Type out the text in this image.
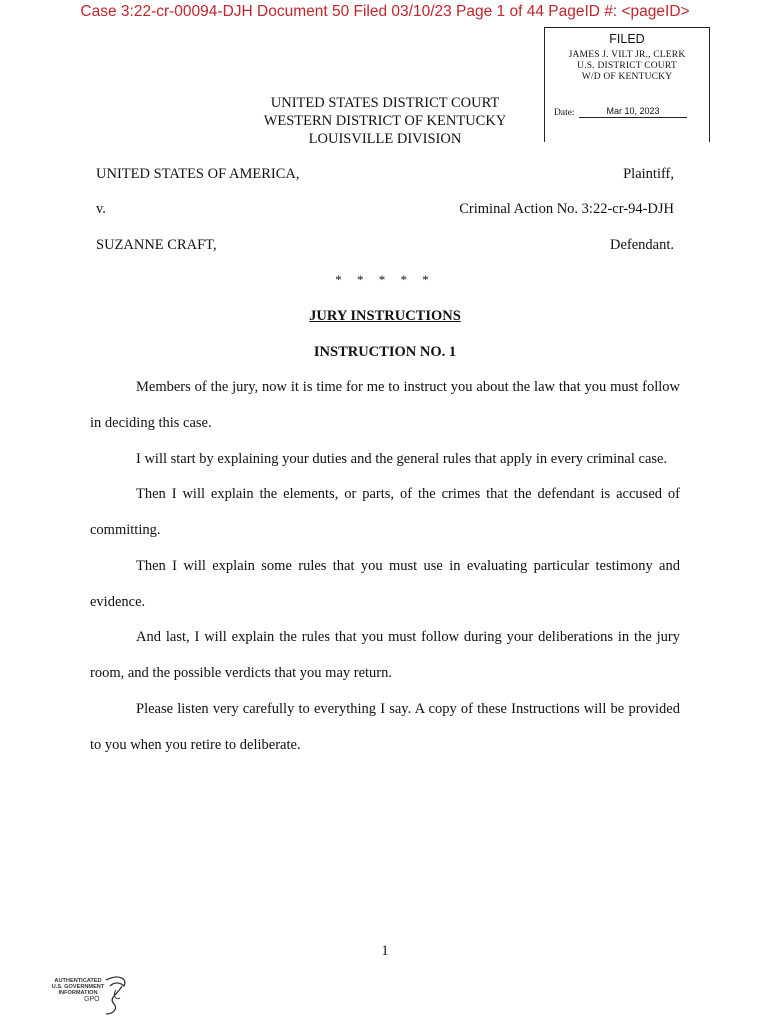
Case 3:22-cr-00094-DJH Document 50 Filed 03/10/23 Page 1 of 44 PageID #: <pageID>
FILED
JAMES J. VILT JR., CLERK
U.S. DISTRICT COURT
W/D OF KENTUCKY
Date:	Mar 10, 2023
UNITED STATES DISTRICT COURT
WESTERN DISTRICT OF KENTUCKY
LOUISVILLE DIVISION
UNITED STATES OF AMERICA,	Plaintiff,
v.	Criminal Action No. 3:22-cr-94-DJH
SUZANNE CRAFT,	Defendant.
* * * * *
JURY INSTRUCTIONS
INSTRUCTION NO. 1
Members of the jury, now it is time for me to instruct you about the law that you must follow in deciding this case.
I will start by explaining your duties and the general rules that apply in every criminal case.
Then I will explain the elements, or parts, of the crimes that the defendant is accused of committing.
Then I will explain some rules that you must use in evaluating particular testimony and evidence.
And last, I will explain the rules that you must follow during your deliberations in the jury room, and the possible verdicts that you may return.
Please listen very carefully to everything I say. A copy of these Instructions will be provided to you when you retire to deliberate.
1
AUTHENTICATED
U.S. GOVERNMENT
INFORMATION
GPO
